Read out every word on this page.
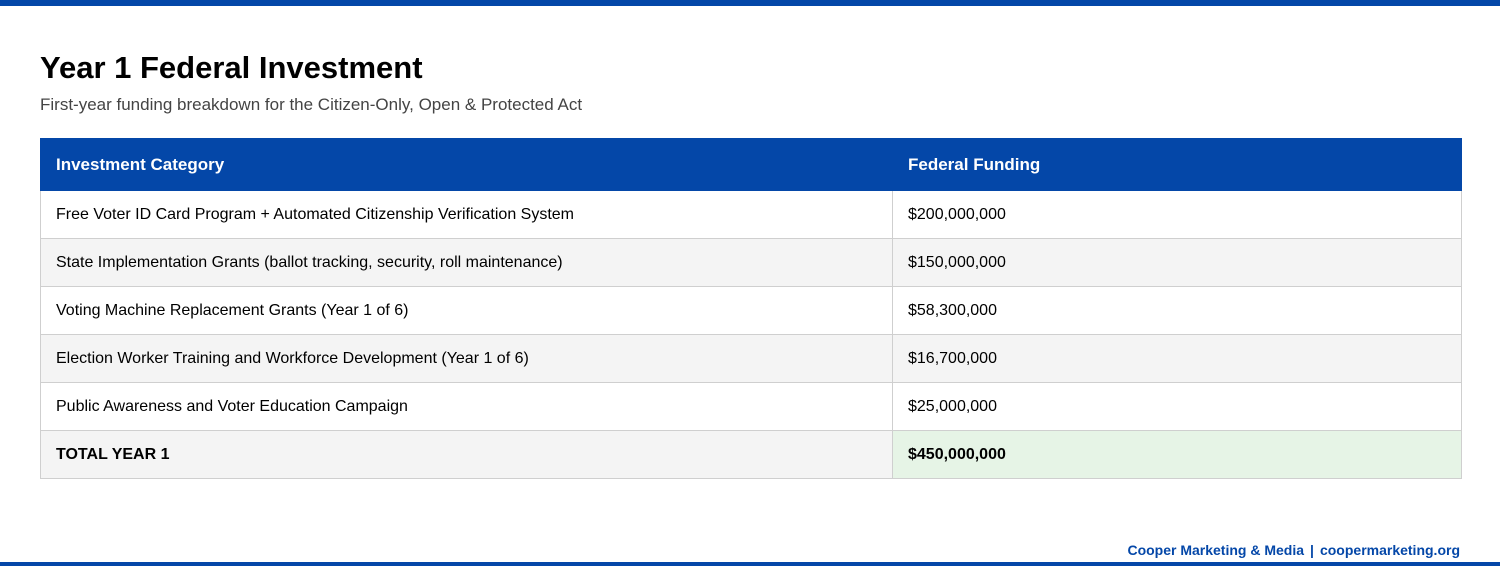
Year 1 Federal Investment

First-year funding breakdown for the Citizen-Only, Open & Protected Act

Investment Category	Federal Funding
Free Voter ID Card Program + Automated Citizenship Verification System	$200,000,000
State Implementation Grants (ballot tracking, security, roll maintenance)	$150,000,000
Voting Machine Replacement Grants (Year 1 of 6)	$58,300,000
Election Worker Training and Workforce Development (Year 1 of 6)	$16,700,000
Public Awareness and Voter Education Campaign	$25,000,000
TOTAL YEAR 1	$450,000,000
Cooper Marketing & Media | coopermarketing.org
